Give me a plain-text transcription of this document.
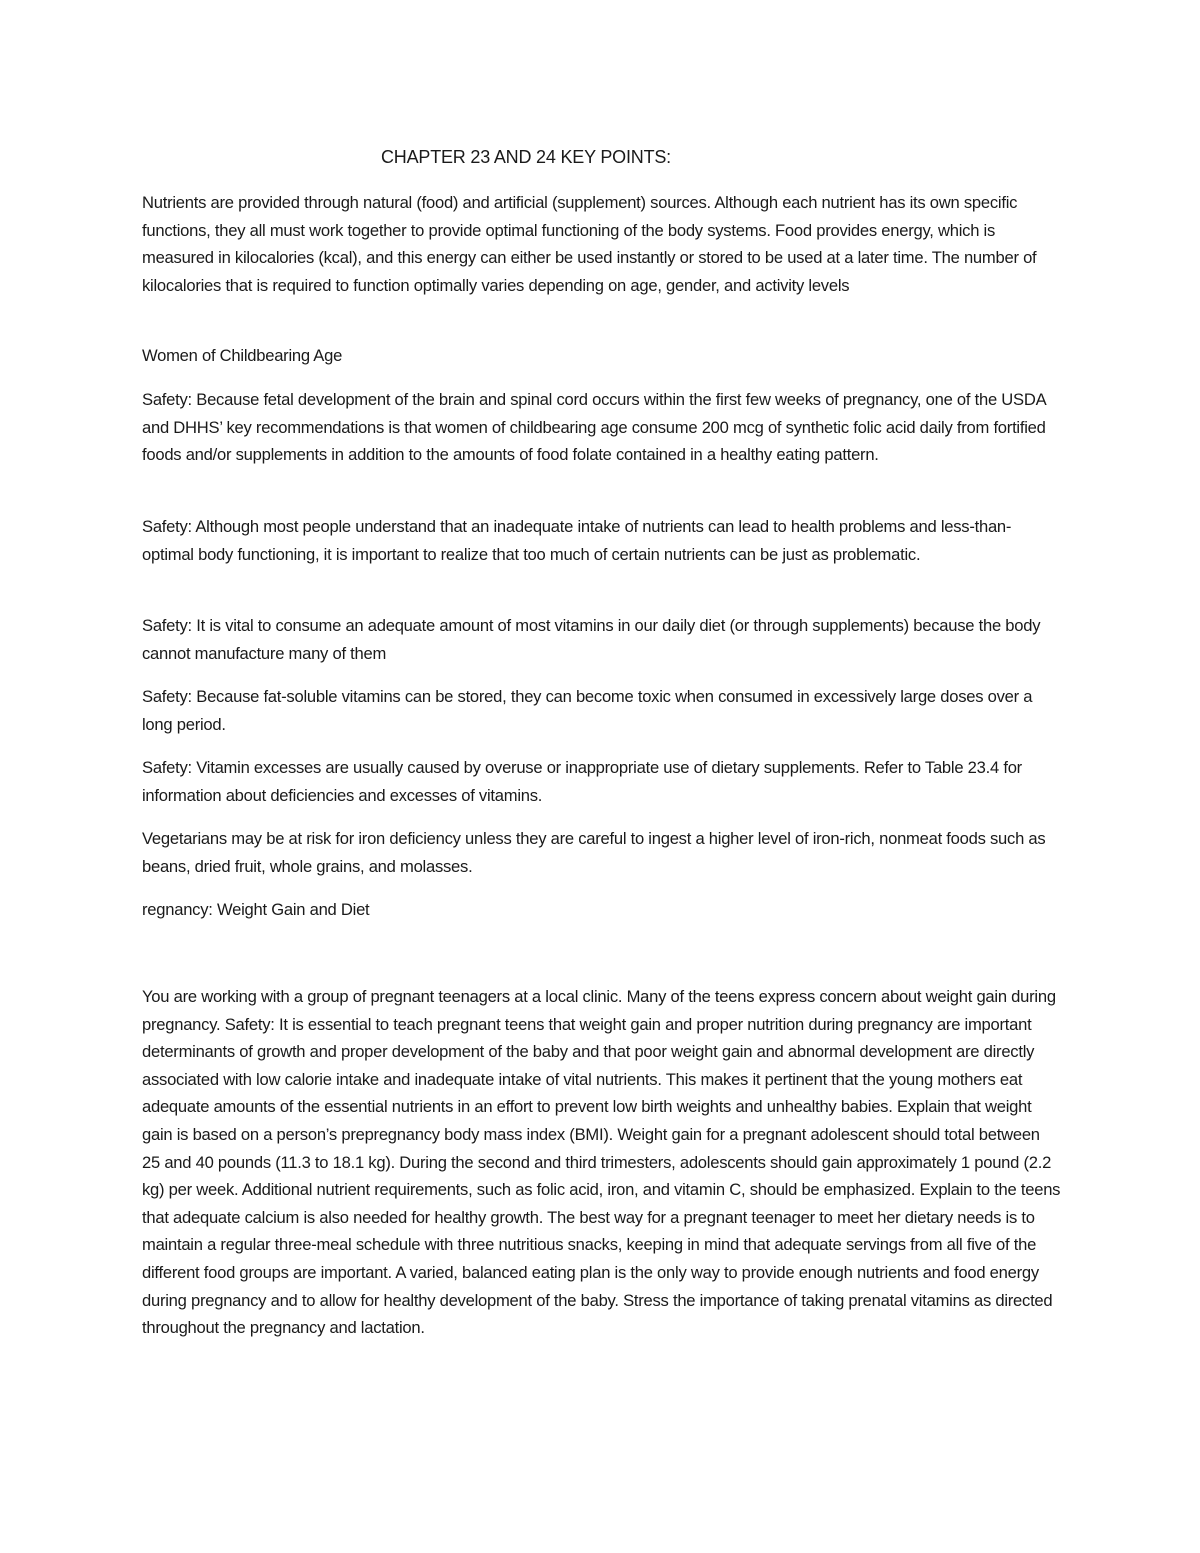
CHAPTER 23 AND 24 KEY POINTS:

Nutrients are provided through natural (food) and artificial (supplement) sources. Although each nutrient has its own specific functions, they all must work together to provide optimal functioning of the body systems. Food provides energy, which is measured in kilocalories (kcal), and this energy can either be used instantly or stored to be used at a later time. The number of kilocalories that is required to function optimally varies depending on age, gender, and activity levels

Women of Childbearing Age

Safety: Because fetal development of the brain and spinal cord occurs within the first few weeks of pregnancy, one of the USDA and DHHS’ key recommendations is that women of childbearing age consume 200 mcg of synthetic folic acid daily from fortified foods and/or supplements in addition to the amounts of food folate contained in a healthy eating pattern.

Safety: Although most people understand that an inadequate intake of nutrients can lead to health problems and less-than-optimal body functioning, it is important to realize that too much of certain nutrients can be just as problematic.

Safety: It is vital to consume an adequate amount of most vitamins in our daily diet (or through supplements) because the body cannot manufacture many of them

Safety: Because fat-soluble vitamins can be stored, they can become toxic when consumed in excessively large doses over a long period.

Safety: Vitamin excesses are usually caused by overuse or inappropriate use of dietary supplements. Refer to Table 23.4 for information about deficiencies and excesses of vitamins.

Vegetarians may be at risk for iron deficiency unless they are careful to ingest a higher level of iron-rich, nonmeat foods such as beans, dried fruit, whole grains, and molasses.

regnancy: Weight Gain and Diet

You are working with a group of pregnant teenagers at a local clinic. Many of the teens express concern about weight gain during pregnancy. Safety: It is essential to teach pregnant teens that weight gain and proper nutrition during pregnancy are important determinants of growth and proper development of the baby and that poor weight gain and abnormal development are directly associated with low calorie intake and inadequate intake of vital nutrients. This makes it pertinent that the young mothers eat adequate amounts of the essential nutrients in an effort to prevent low birth weights and unhealthy babies. Explain that weight gain is based on a person’s prepregnancy body mass index (BMI). Weight gain for a pregnant adolescent should total between 25 and 40 pounds (11.3 to 18.1 kg). During the second and third trimesters, adolescents should gain approximately 1 pound (2.2 kg) per week. Additional nutrient requirements, such as folic acid, iron, and vitamin C, should be emphasized. Explain to the teens that adequate calcium is also needed for healthy growth. The best way for a pregnant teenager to meet her dietary needs is to maintain a regular three-meal schedule with three nutritious snacks, keeping in mind that adequate servings from all five of the different food groups are important. A varied, balanced eating plan is the only way to provide enough nutrients and food energy during pregnancy and to allow for healthy development of the baby. Stress the importance of taking prenatal vitamins as directed throughout the pregnancy and lactation.
